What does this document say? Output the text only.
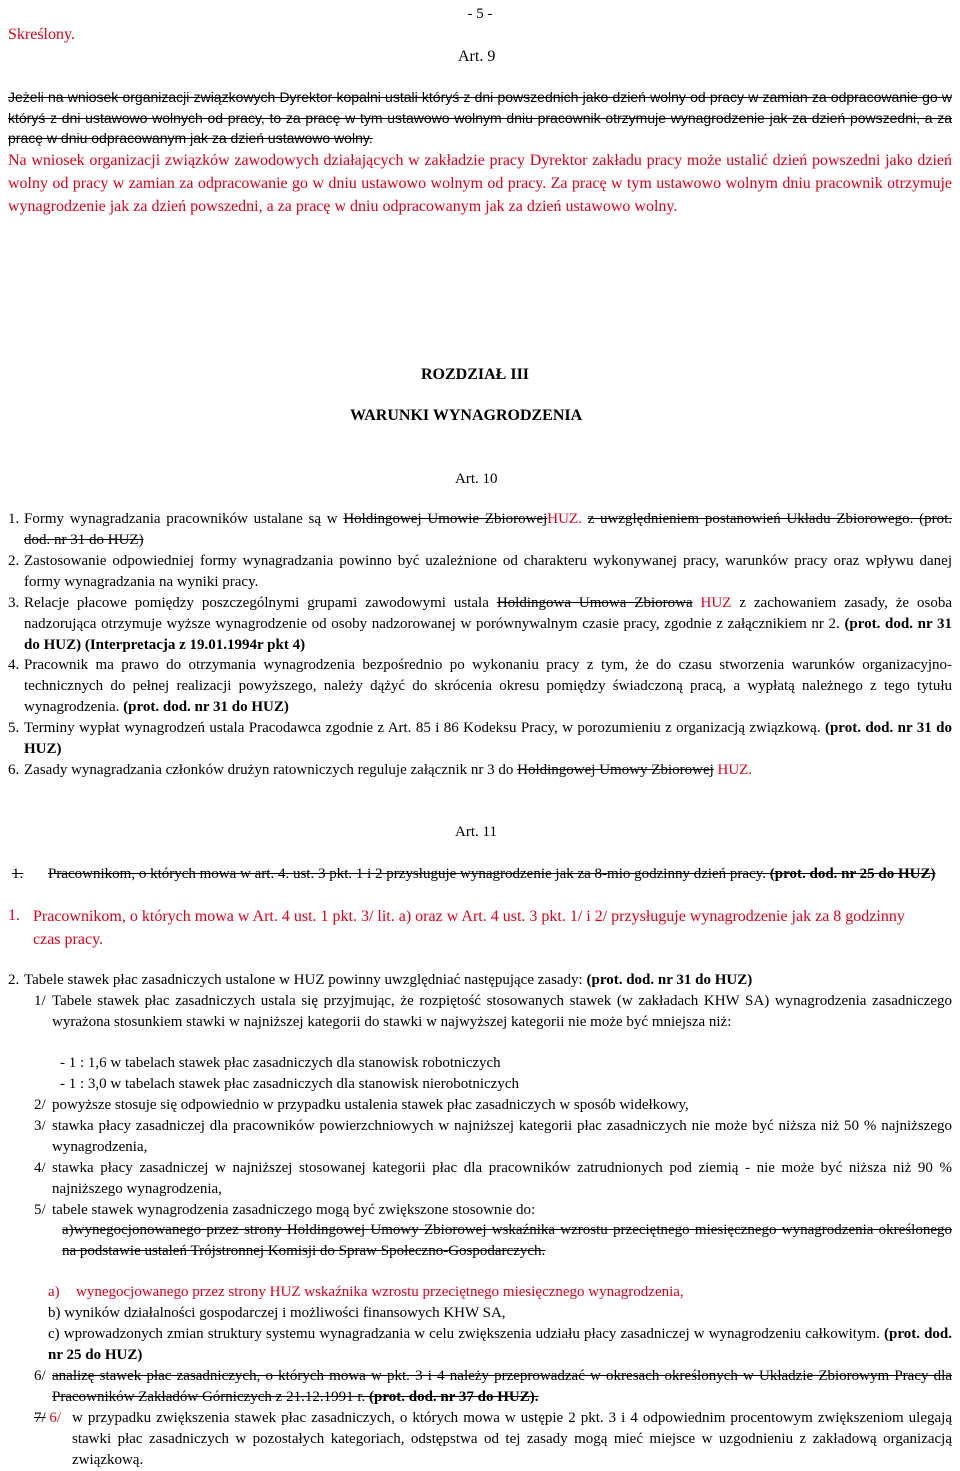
- 5 -
Skreślony.
Art. 9
Jeżeli na wniosek organizacji związkowych Dyrektor kopalni ustali któryś z dni powszednich jako dzień wolny od pracy w zamian za odpracowanie go w któryś z dni ustawowo wolnych od pracy, to za pracę w tym ustawowo wolnym dniu pracownik otrzymuje wynagrodzenie jak za dzień powszedni, a za pracę w dniu odpracowanym jak za dzień ustawowo wolny.
Na wniosek organizacji związków zawodowych działających w zakładzie pracy Dyrektor zakładu pracy może ustalić dzień powszedni jako dzień wolny od pracy w zamian za odpracowanie go w dniu ustawowo wolnym od pracy. Za pracę w tym ustawowo wolnym dniu pracownik otrzymuje wynagrodzenie jak za dzień powszedni, a za pracę w dniu odpracowanym jak za dzień ustawowo wolny.
ROZDZIAŁ III
WARUNKI WYNAGRODZENIA
Art. 10
1. Formy wynagradzania pracowników ustalane są w Holdingowej Umowie ZbiorowejHUZ. z uwzględnieniem postanowień Układu Zbiorowego. (prot. dod. nr 31 do HUZ)
2. Zastosowanie odpowiedniej formy wynagradzania powinno być uzależnione od charakteru wykonywanej pracy, warunków pracy oraz wpływu danej formy wynagradzania na wyniki pracy.
3. Relacje płacowe pomiędzy poszczególnymi grupami zawodowymi ustala Holdingowa Umowa Zbiorowa HUZ z zachowaniem zasady, że osoba nadzorująca otrzymuje wyższe wynagrodzenie od osoby nadzorowanej w porównywalnym czasie pracy, zgodnie z załącznikiem nr 2. (prot. dod. nr 31 do HUZ) (Interpretacja z 19.01.1994r pkt 4)
4. Pracownik ma prawo do otrzymania wynagrodzenia bezpośrednio po wykonaniu pracy z tym, że do czasu stworzenia warunków organizacyjno-technicznych do pełnej realizacji powyższego, należy dążyć do skrócenia okresu pomiędzy świadczoną pracą, a wypłatą należnego z tego tytułu wynagrodzenia. (prot. dod. nr 31 do HUZ)
5. Terminy wypłat wynagrodzeń ustala Pracodawca zgodnie z Art. 85 i 86 Kodeksu Pracy, w porozumieniu z organizacją związkową. (prot. dod. nr 31 do HUZ)
6. Zasady wynagradzania członków drużyn ratowniczych reguluje załącznik nr 3 do Holdingowej Umowy Zbiorowej HUZ.
Art. 11
1. Pracownikom, o których mowa w art. 4. ust. 3 pkt. 1 i 2 przysługuje wynagrodzenie jak za 8-mio godzinny dzień pracy. (prot. dod. nr 25 do HUZ)
1. Pracownikom, o których mowa w Art. 4 ust. 1 pkt. 3/ lit. a) oraz w Art. 4 ust. 3 pkt. 1/ i 2/ przysługuje wynagrodzenie jak za 8 godzinny czas pracy.
2. Tabele stawek płac zasadniczych ustalone w HUZ powinny uwzględniać następujące zasady: (prot. dod. nr 31 do HUZ)
1/ Tabele stawek płac zasadniczych ustala się przyjmując, że rozpiętość stosowanych stawek (w zakładach KHW SA) wynagrodzenia zasadniczego wyrażona stosunkiem stawki w najniższej kategorii do stawki w najwyższej kategorii nie może być mniejsza niż:
- 1 : 1,6 w tabelach stawek płac zasadniczych dla stanowisk robotniczych
- 1 : 3,0 w tabelach stawek płac zasadniczych dla stanowisk nierobotniczych
2/ powyższe stosuje się odpowiednio w przypadku ustalenia stawek płac zasadniczych w sposób widełkowy,
3/ stawka płacy zasadniczej dla pracowników powierzchniowych w najniższej kategorii płac zasadniczych nie może być niższa niż 50 % najniższego wynagrodzenia,
4/ stawka płacy zasadniczej w najniższej stosowanej kategorii płac dla pracowników zatrudnionych pod ziemią - nie może być niższa niż 90 % najniższego wynagrodzenia,
5/ tabele stawek wynagrodzenia zasadniczego mogą być zwiększone stosownie do:
a)wynegocjonowanego przez strony Holdingowej Umowy Zbiorowej wskaźnika wzrostu przeciętnego miesięcznego wynagrodzenia określonego na podstawie ustaleń Trójstronnej Komisji do Spraw Społeczno-Gospodarczych.
a) wynegocjowanego przez strony HUZ wskaźnika wzrostu przeciętnego miesięcznego wynagrodzenia,
b) wyników działalności gospodarczej i możliwości finansowych KHW SA,
c) wprowadzonych zmian struktury systemu wynagradzania w celu zwiększenia udziału płacy zasadniczej w wynagrodzeniu całkowitym. (prot. dod. nr 25 do HUZ)
6/ analizę stawek płac zasadniczych, o których mowa w pkt. 3 i 4 należy przeprowadzać w okresach określonych w Układzie Zbiorowym Pracy dla Pracowników Zakładów Górniczych z 21.12.1991 r. (prot. dod. nr 37 do HUZ).
7/ 6/ w przypadku zwiększenia stawek płac zasadniczych, o których mowa w ustępie 2 pkt. 3 i 4 odpowiednim procentowym zwiększeniom ulegają stawki płac zasadniczych w pozostałych kategoriach, odstępstwa od tej zasady mogą mieć miejsce w uzgodnieniu z zakładową organizacją związkową.
